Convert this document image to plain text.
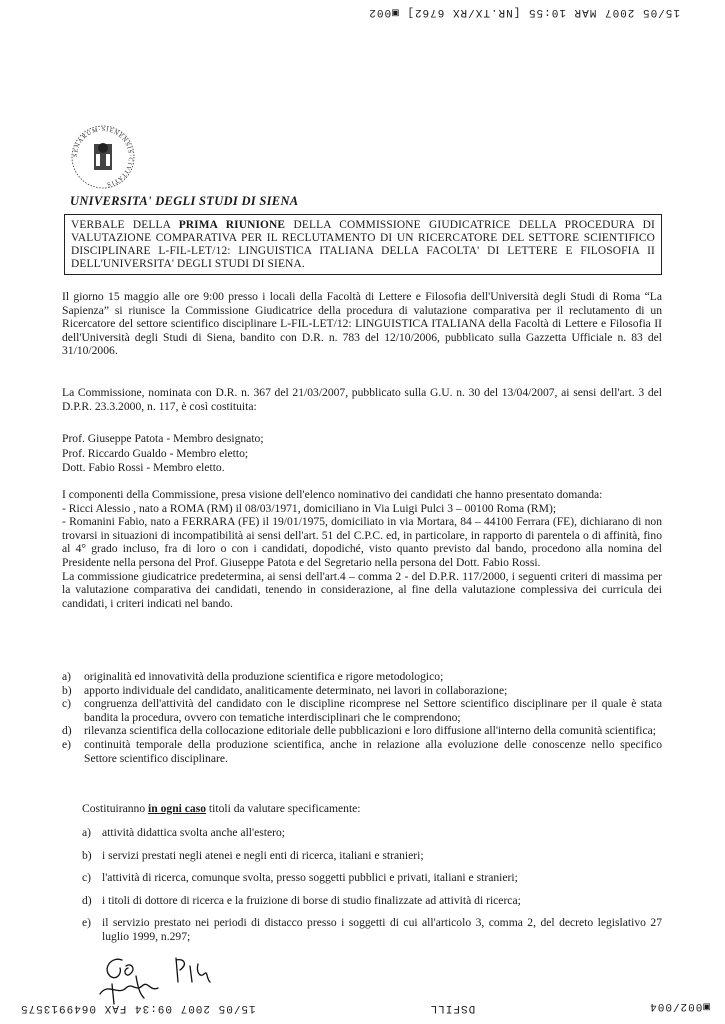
15/05 2007 MAR 10:55 [NR.TX/RX 6762] ▣002
SENARUM·SIENENSIS·CIVITATIS
UNIVERSITA' DEGLI STUDI DI SIENA
VERBALE DELLA PRIMA RIUNIONE DELLA COMMISSIONE GIUDICATRICE DELLA PROCEDURA DI VALUTAZIONE COMPARATIVA PER IL RECLUTAMENTO DI UN RICERCATORE DEL SETTORE SCIENTIFICO DISCIPLINARE L-FIL-LET/12: LINGUISTICA ITALIANA DELLA FACOLTA' DI LETTERE E FILOSOFIA II DELL'UNIVERSITA' DEGLI STUDI DI SIENA.
Il giorno 15 maggio alle ore 9:00 presso i locali della Facoltà di Lettere e Filosofia dell'Università degli Studi di Roma “La Sapienza” si riunisce la Commissione Giudicatrice della procedura di valutazione comparativa per il reclutamento di un Ricercatore del settore scientifico disciplinare L-FIL-LET/12: LINGUISTICA ITALIANA della Facoltà di Lettere e Filosofia II dell'Università degli Studi di Siena, bandito con D.R. n. 783 del 12/10/2006, pubblicato sulla Gazzetta Ufficiale n. 83 del 31/10/2006.
La Commissione, nominata con D.R. n. 367 del 21/03/2007, pubblicato sulla G.U. n. 30 del 13/04/2007, ai sensi dell'art. 3 del D.P.R. 23.3.2000, n. 117, è così costituita:
Prof. Giuseppe Patota - Membro designato;
Prof. Riccardo Gualdo - Membro eletto;
Dott. Fabio Rossi - Membro eletto.
I componenti della Commissione, presa visione dell'elenco nominativo dei candidati che hanno presentato domanda:
- Ricci Alessio , nato a ROMA (RM) il 08/03/1971, domiciliano in Via Luigi Pulci 3 – 00100 Roma (RM);
- Romanini Fabio, nato a FERRARA (FE) il 19/01/1975, domiciliato in via Mortara, 84 – 44100 Ferrara (FE), dichiarano di non trovarsi in situazioni di incompatibilità ai sensi dell'art. 51 del C.P.C. ed, in particolare, in rapporto di parentela o di affinità, fino al 4° grado incluso, fra di loro o con i candidati, dopodiché, visto quanto previsto dal bando, procedono alla nomina del Presidente nella persona del Prof. Giuseppe Patota e del Segretario nella persona del Dott. Fabio Rossi.
La commissione giudicatrice predetermina, ai sensi dell'art.4 – comma 2 - del D.P.R. 117/2000, i seguenti criteri di massima per la valutazione comparativa dei candidati, tenendo in considerazione, al fine della valutazione complessiva dei curricula dei candidati, i criteri indicati nel bando.
a)	originalità ed innovatività della produzione scientifica e rigore metodologico;
b)	apporto individuale del candidato, analiticamente determinato, nei lavori in collaborazione;
c)	congruenza dell'attività del candidato con le discipline ricomprese nel Settore scientifico disciplinare per il quale è stata bandita la procedura, ovvero con tematiche interdisciplinari che le comprendono;
d)	rilevanza scientifica della collocazione editoriale delle pubblicazioni e loro diffusione all'interno della comunità scientifica;
e)	continuità temporale della produzione scientifica, anche in relazione alla evoluzione delle conoscenze nello specifico Settore scientifico disciplinare.
Costituiranno in ogni caso titoli da valutare specificamente:
a) attività didattica svolta anche all'estero;
b) i servizi prestati negli atenei e negli enti di ricerca, italiani e stranieri;
c) l'attività di ricerca, comunque svolta, presso soggetti pubblici e privati, italiani e stranieri;
d) i titoli di dottore di ricerca e la fruizione di borse di studio finalizzate ad attività di ricerca;
e) il servizio prestato nei periodi di distacco presso i soggetti di cui all'articolo 3, comma 2, del decreto legislativo 27 luglio 1999, n.297;
▣002/004
DSFILL
15/05 2007 09:34 FAX 0649913575
